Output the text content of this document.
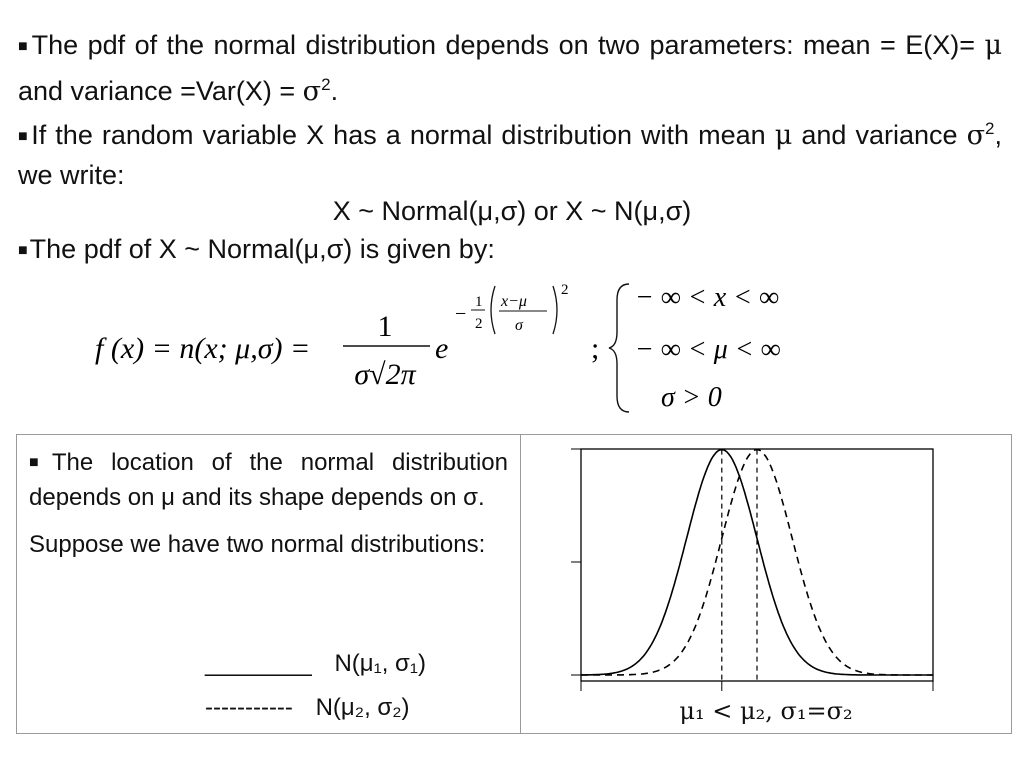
■The pdf of the normal distribution depends on two parameters: mean = E(X)= μ and variance $=Var(X) = \sigma^2$.
■If the random variable X has a normal distribution with mean μ and variance $\sigma^2$, we write:
X ~ Normal(μ,σ) or X ~ N(μ,σ)
■The pdf of X ~ Normal(μ,σ) is given by:
f (x) = n(x; μ,σ) =
1
σ√2π
e
−
1
2
x−μ
σ
2
;
− ∞ < x < ∞
− ∞ < μ < ∞
σ > 0

■The location of the normal distribution depends on μ and its shape depends on σ.

Suppose we have two normal distributions:

________ N(μ₁, σ₁)
----------- N(μ₂, σ₂)	μ₁ < μ₂, σ₁=σ₂
